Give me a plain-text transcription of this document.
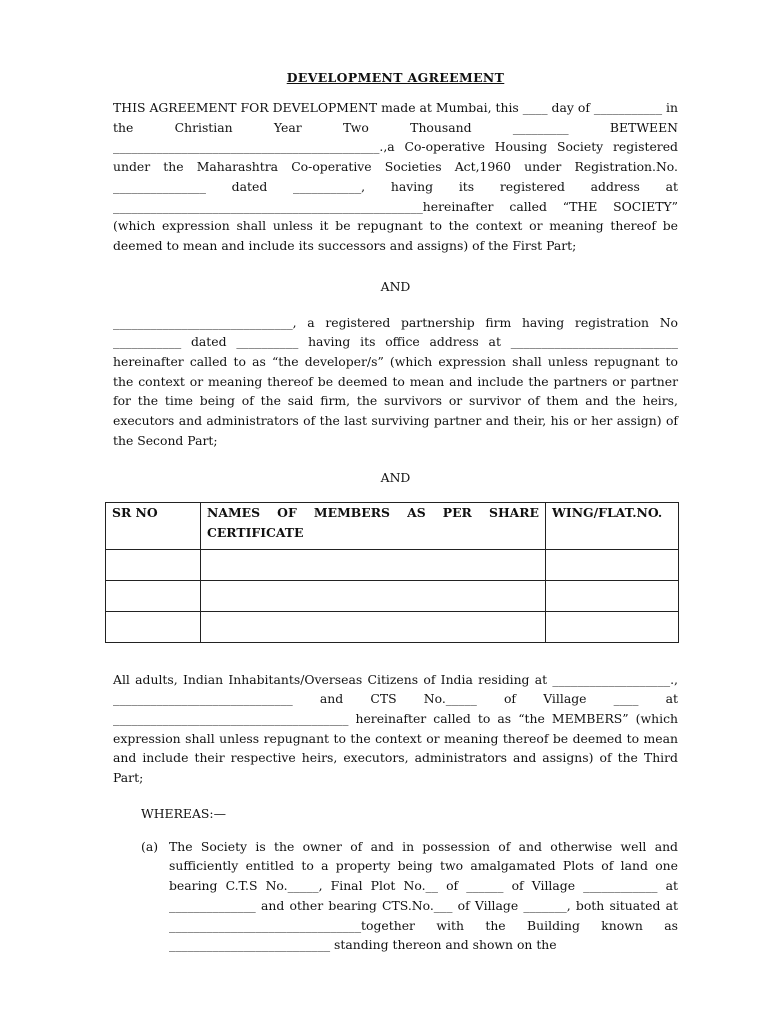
DEVELOPMENT AGREEMENT

THIS AGREEMENT FOR DEVELOPMENT made at Mumbai, this ____ day of ___________ in the Christian Year Two Thousand _________ BETWEEN ___________________________________________.,a Co-operative Housing Society registered under the Maharashtra Co-operative Societies Act,1960 under Registration.No. _______________ dated ___________, having its registered address at __________________________________________________hereinafter called “THE SOCIETY” (which expression shall unless it be repugnant to the context or meaning thereof be deemed to mean and include its successors and assigns) of the First Part;

AND

_____________________________, a registered partnership firm having registration No ___________ dated __________ having its office address at ___________________________ hereinafter called to as “the developer/s” (which expression shall unless repugnant to the context or meaning thereof be deemed to mean and include the partners or partner for the time being of the said firm, the survivors or survivor of them and the heirs, executors and administrators of the last surviving partner and their, his or her assign) of the Second Part;

AND

SR NO	NAMES OF MEMBERS AS PER SHARE CERTIFICATE	WING/FLAT.NO.

All adults, Indian Inhabitants/Overseas Citizens of India residing at ___________________., _____________________________ and CTS No._____ of Village ____ at ______________________________________ hereinafter called to as “the MEMBERS” (which expression shall unless repugnant to the context or meaning thereof be deemed to mean and include their respective heirs, executors, administrators and assigns) of the Third Part;

WHEREAS:—

(a) The Society is the owner of and in possession of and otherwise well and sufficiently entitled to a property being two amalgamated Plots of land one bearing C.T.S No._____, Final Plot No.__ of ______ of Village ____________ at ______________ and other bearing CTS.No.___ of Village _______, both situated at _______________________________together with the Building known as __________________________ standing thereon and shown on the
